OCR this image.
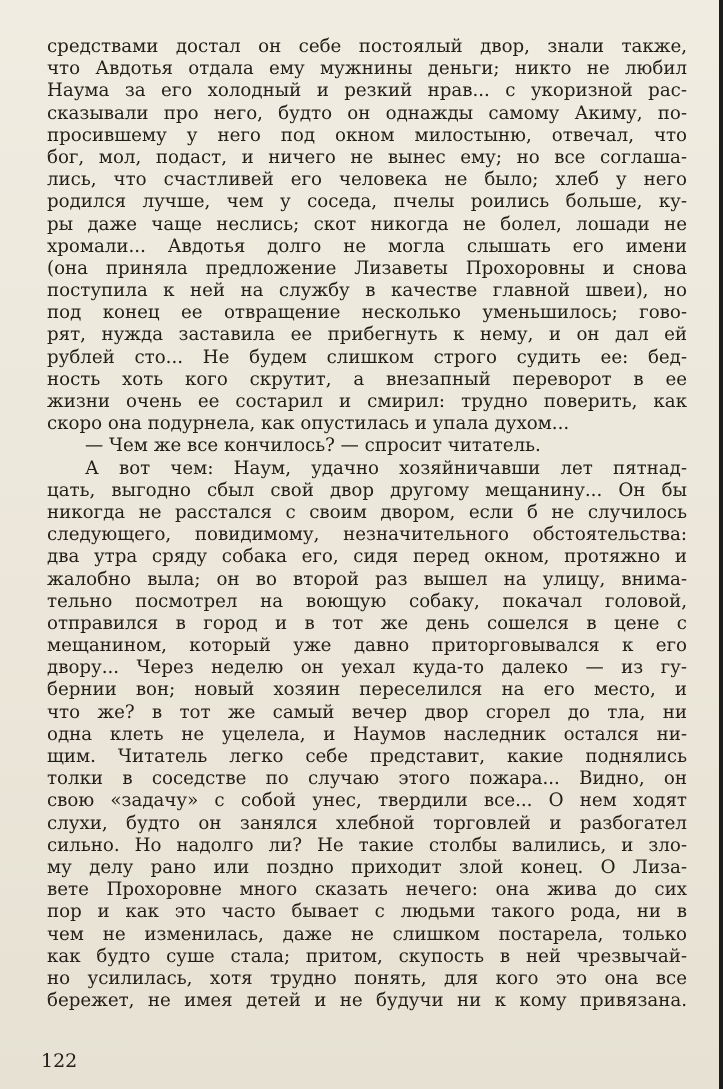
средствами достал он себе постоялый двор, знали также,
что Авдотья отдала ему мужнины деньги; никто не любил
Наума за его холодный и резкий нрав... с укоризной рас-
сказывали про него, будто он однажды самому Акиму, по-
просившему у него под окном милостыню, отвечал, что
бог, мол, подаст, и ничего не вынес ему; но все соглаша-
лись, что счастливей его человека не было; хлеб у него
родился лучше, чем у соседа, пчелы роились больше, ку-
ры даже чаще неслись; скот никогда не болел, лошади не
хромали... Авдотья долго не могла слышать его имени
(она приняла предложение Лизаветы Прохоровны и снова
поступила к ней на службу в качестве главной швеи), но
под конец ее отвращение несколько уменьшилось; гово-
рят, нужда заставила ее прибегнуть к нему, и он дал ей
рублей сто... Не будем слишком строго судить ее: бед-
ность хоть кого скрутит, а внезапный переворот в ее
жизни очень ее состарил и смирил: трудно поверить, как
скоро она подурнела, как опустилась и упала духом...
— Чем же все кончилось? — спросит читатель.
А вот чем: Наум, удачно хозяйничавши лет пятнад-
цать, выгодно сбыл свой двор другому мещанину... Он бы
никогда не расстался с своим двором, если б не случилось
следующего, повидимому, незначительного обстоятельства:
два утра сряду собака его, сидя перед окном, протяжно и
жалобно выла; он во второй раз вышел на улицу, внима-
тельно посмотрел на воющую собаку, покачал головой,
отправился в город и в тот же день сошелся в цене с
мещанином, который уже давно приторговывался к его
двору... Через неделю он уехал куда-то далеко — из гу-
бернии вон; новый хозяин переселился на его место, и
что же? в тот же самый вечер двор сгорел до тла, ни
одна клеть не уцелела, и Наумов наследник остался ни-
щим. Читатель легко себе представит, какие поднялись
толки в соседстве по случаю этого пожара... Видно, он
свою «задачу» с собой унес, твердили все... О нем ходят
слухи, будто он занялся хлебной торговлей и разбогател
сильно. Но надолго ли? Не такие столбы валились, и зло-
му делу рано или поздно приходит злой конец. О Лиза-
вете Прохоровне много сказать нечего: она жива до сих
пор и как это часто бывает с людьми такого рода, ни в
чем не изменилась, даже не слишком постарела, только
как будто суше стала; притом, скупость в ней чрезвычай-
но усилилась, хотя трудно понять, для кого это она все
бережет, не имея детей и не будучи ни к кому привязана.
122
